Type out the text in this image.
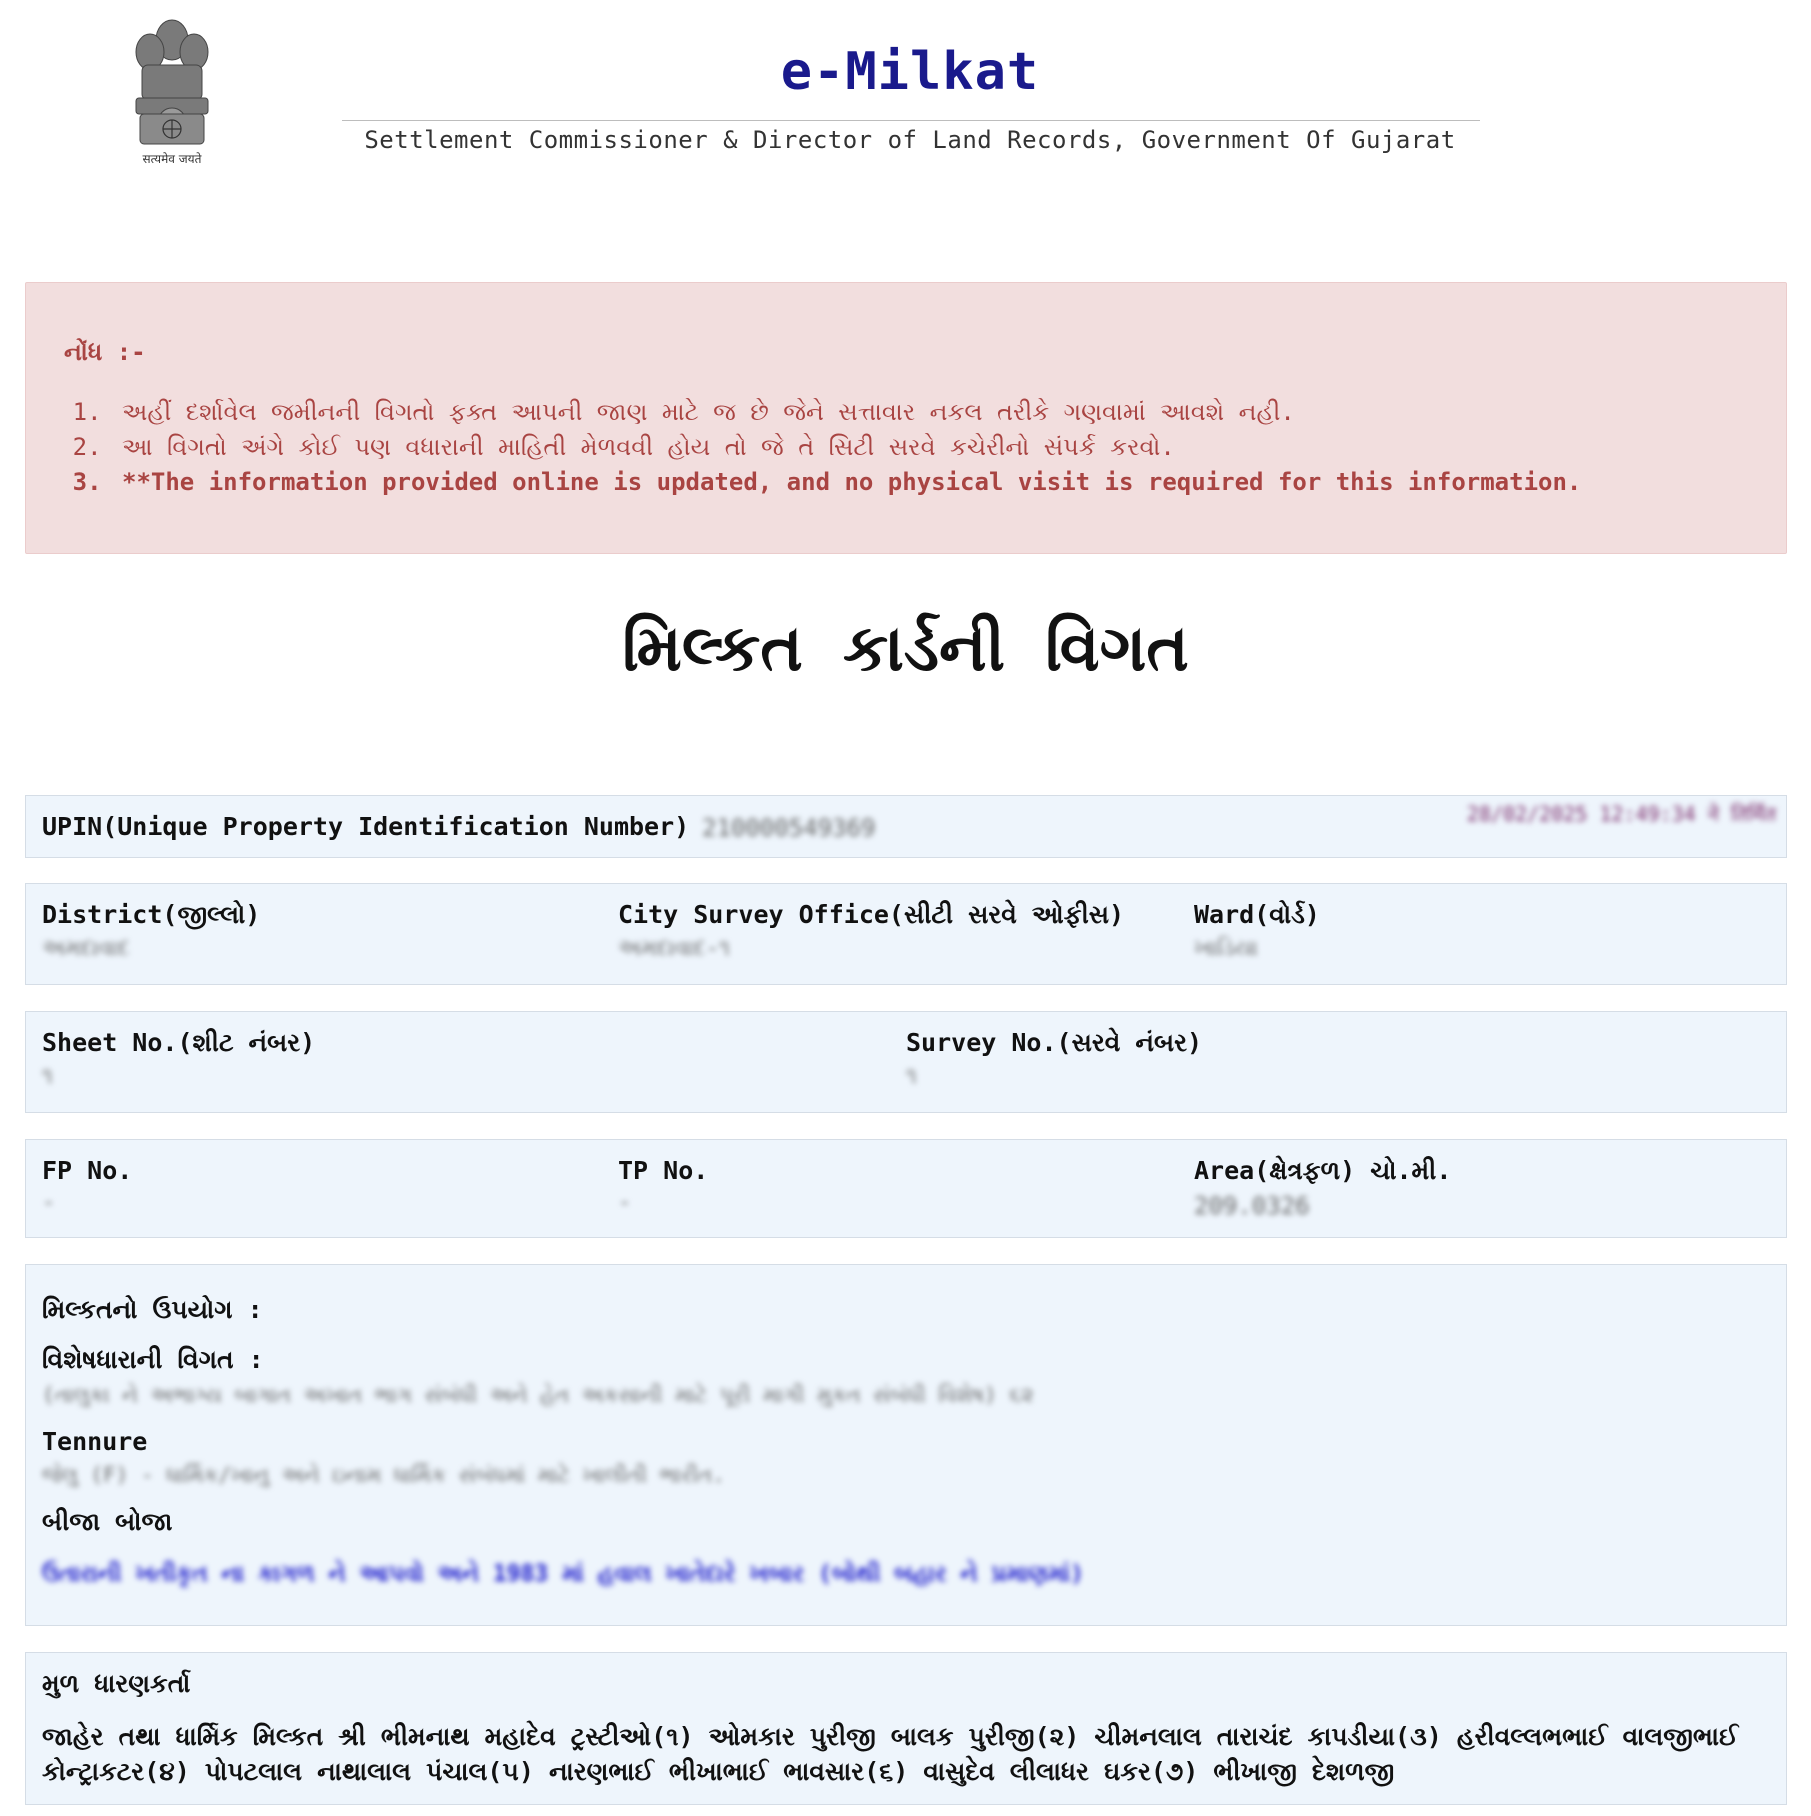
सत्यमेव जयते
e-Milkat
Settlement Commissioner & Director of Land Records, Government Of Gujarat
નોંધ :-
1. અહીં દર્શાવેલ જમીનની વિગતો ફક્ત આપની જાણ માટે જ છે જેને સત્તાવાર નકલ તરીકે ગણવામાં આવશે નહી.
2. આ વિગતો અંગે કોઈ પણ વધારાની માહિતી મેળવવી હોય તો જે તે સિટી સરવે કચેરીનો સંપર્ક કરવો.
3. **The information provided online is updated, and no physical visit is required for this information.
મિલ્કત કાર્ડની વિગત
UPIN(Unique Property Identification Number) 210000549369	28/02/2025 12:49:34 ने तिर्मित
District(જીલ્લો)
અમદાવાદ
City Survey Office(સીટી સરવે ઓફીસ)
અમદાવાદ-૧
Ward(વોર્ડ)
ખાડિયા
Sheet No.(શીટ નંબર)
૧
Survey No.(સરવે નંબર)
૧
FP No.
-
TP No.
-
Area(ક્ષેત્રફળ) ચો.મી.
209.0326
મિલ્કતનો ઉપયોગ :
વિશેષધારાની વિગત :
(તાલુકા ને અભાગ્ય બાગાત અખાત ભાગ સંબંધી અને હેત અકસાની માટે પૂરી માગી મુકત સંબંધી વિશેષ) ૬૨
Tennure
જેલુ (F) - ધાર્મિક/ખાનુ અને ઇનામ ધાર્મિક સંબંધમાં માટે ખાલીતી ભારીત.
બીજા બોજા
ઉતારાની ખતીકૃત ના કાગળ ને આપવો અને 1983 માં હવાલ ખાતેદારે ખબાર (બોથી બહાર ને પ્રમાણમાં)
મુળ ધારણકર્તા
જાહેર તથા ધાર્મિક મિલ્કત શ્રી ભીમનાથ મહાદેવ ટ્રસ્ટીઓ(૧) ઓમકાર પુરીજી બાલક પુરીજી(૨) ચીમનલાલ તારાચંદ કાપડીયા(૩) હરીવલ્લભભાઈ વાલજીભાઈ કોન્ટ્રાકટર(૪) પોપટલાલ નાથાલાલ પંચાલ(૫) નારણભાઈ ભીખાભાઈ ભાવસાર(૬) વાસુદેવ લીલાધર ઘકર(૭) ભીખાજી દેશળજી
